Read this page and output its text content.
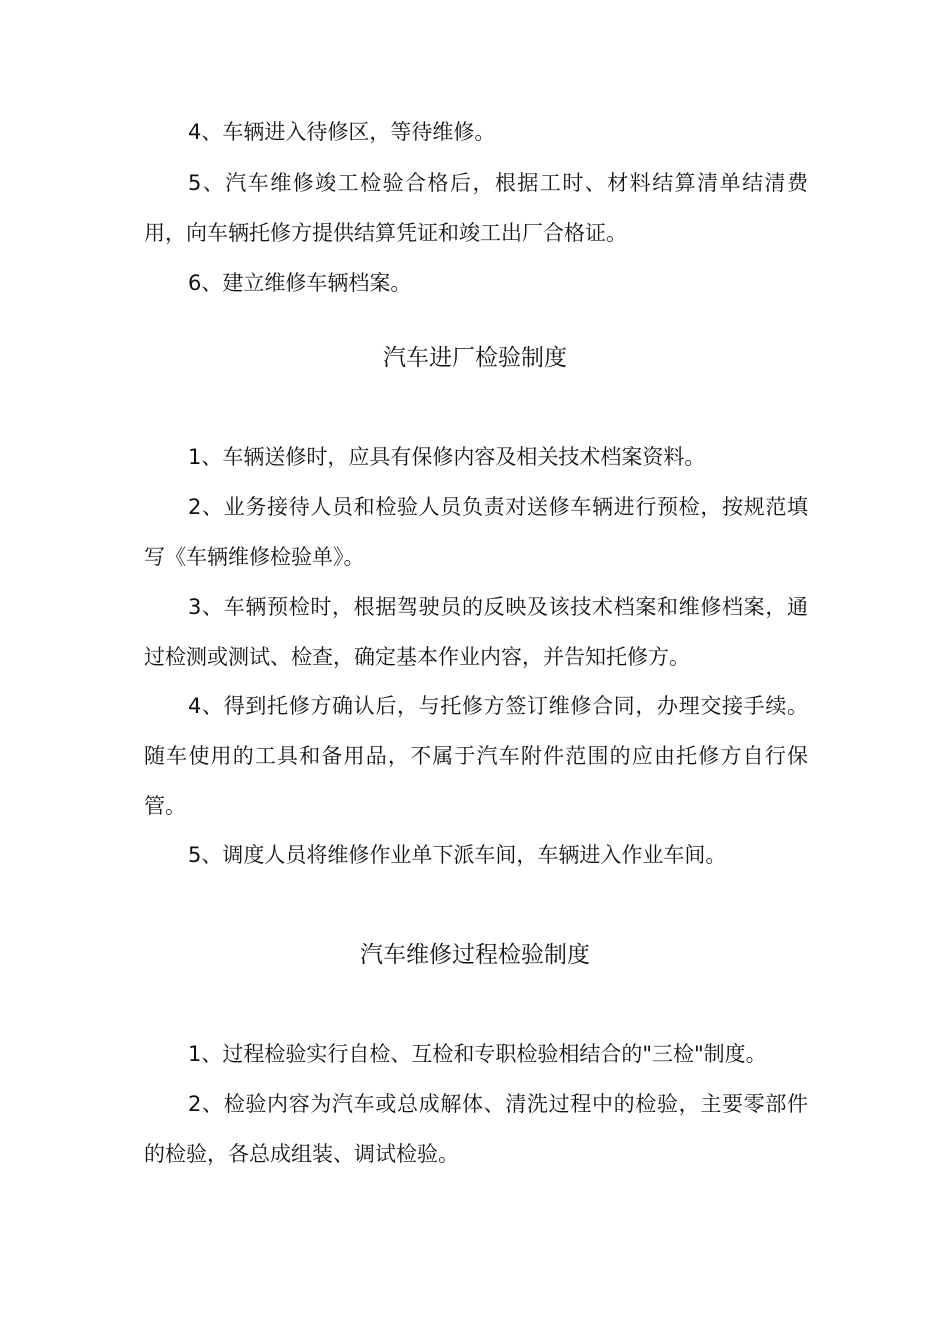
4、车辆进入待修区，等待维修。

5、汽车维修竣工检验合格后，根据工时、材料结算清单结清费用，向车辆托修方提供结算凭证和竣工出厂合格证。

6、建立维修车辆档案。

汽车进厂检验制度

1、车辆送修时，应具有保修内容及相关技术档案资料。

2、业务接待人员和检验人员负责对送修车辆进行预检，按规范填写《车辆维修检验单》。

3、车辆预检时，根据驾驶员的反映及该技术档案和维修档案，通过检测或测试、检查，确定基本作业内容，并告知托修方。

4、得到托修方确认后，与托修方签订维修合同，办理交接手续。随车使用的工具和备用品，不属于汽车附件范围的应由托修方自行保管。

5、调度人员将维修作业单下派车间，车辆进入作业车间。

汽车维修过程检验制度

1、过程检验实行自检、互检和专职检验相结合的"三检"制度。

2、检验内容为汽车或总成解体、清洗过程中的检验，主要零部件的检验，各总成组装、调试检验。
